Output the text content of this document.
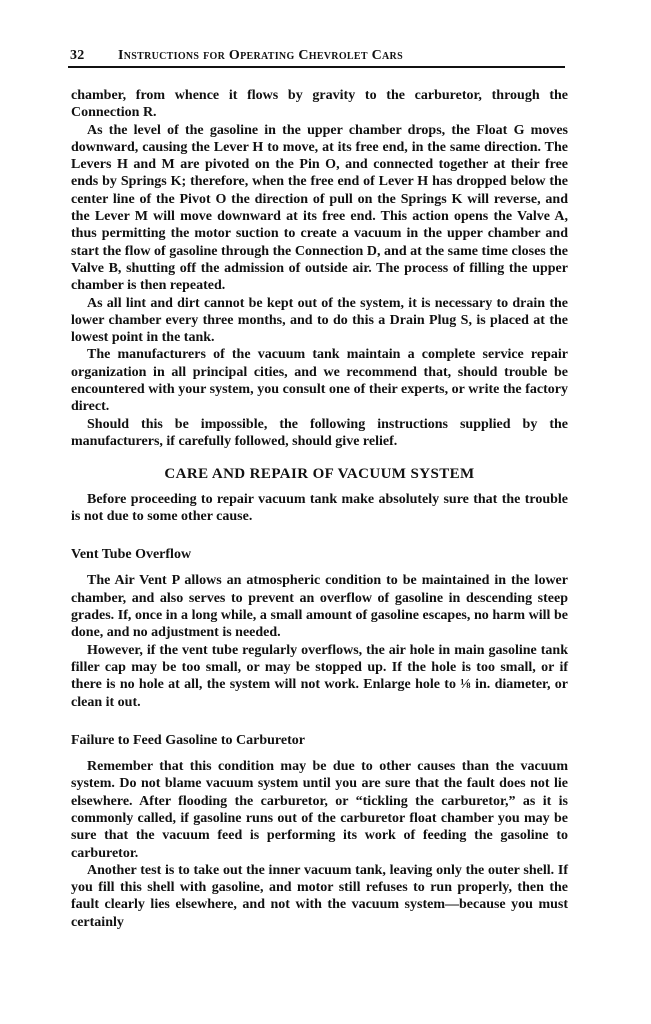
32 Instructions for Operating Chevrolet Cars

chamber, from whence it flows by gravity to the carburetor, through the Connection R.

As the level of the gasoline in the upper chamber drops, the Float G moves downward, causing the Lever H to move, at its free end, in the same direction. The Levers H and M are pivoted on the Pin O, and connected together at their free ends by Springs K; therefore, when the free end of Lever H has dropped below the center line of the Pivot O the direction of pull on the Springs K will reverse, and the Lever M will move downward at its free end. This action opens the Valve A, thus permitting the motor suction to create a vacuum in the upper chamber and start the flow of gasoline through the Connection D, and at the same time closes the Valve B, shutting off the admission of outside air. The process of filling the upper chamber is then repeated.

As all lint and dirt cannot be kept out of the system, it is necessary to drain the lower chamber every three months, and to do this a Drain Plug S, is placed at the lowest point in the tank.

The manufacturers of the vacuum tank maintain a complete service repair organization in all principal cities, and we recommend that, should trouble be encountered with your system, you consult one of their experts, or write the factory direct.

Should this be impossible, the following instructions supplied by the manufacturers, if carefully followed, should give relief.

CARE AND REPAIR OF VACUUM SYSTEM

Before proceeding to repair vacuum tank make absolutely sure that the trouble is not due to some other cause.

Vent Tube Overflow

The Air Vent P allows an atmospheric condition to be maintained in the lower chamber, and also serves to prevent an overflow of gasoline in descending steep grades. If, once in a long while, a small amount of gasoline escapes, no harm will be done, and no adjustment is needed.

However, if the vent tube regularly overflows, the air hole in main gasoline tank filler cap may be too small, or may be stopped up. If the hole is too small, or if there is no hole at all, the system will not work. Enlarge hole to ⅛ in. diameter, or clean it out.

Failure to Feed Gasoline to Carburetor

Remember that this condition may be due to other causes than the vacuum system. Do not blame vacuum system until you are sure that the fault does not lie elsewhere. After flooding the carburetor, or “tickling the carburetor,” as it is commonly called, if gasoline runs out of the carburetor float chamber you may be sure that the vacuum feed is performing its work of feeding the gasoline to carburetor.

Another test is to take out the inner vacuum tank, leaving only the outer shell. If you fill this shell with gasoline, and motor still refuses to run properly, then the fault clearly lies elsewhere, and not with the vacuum system—because you must certainly
